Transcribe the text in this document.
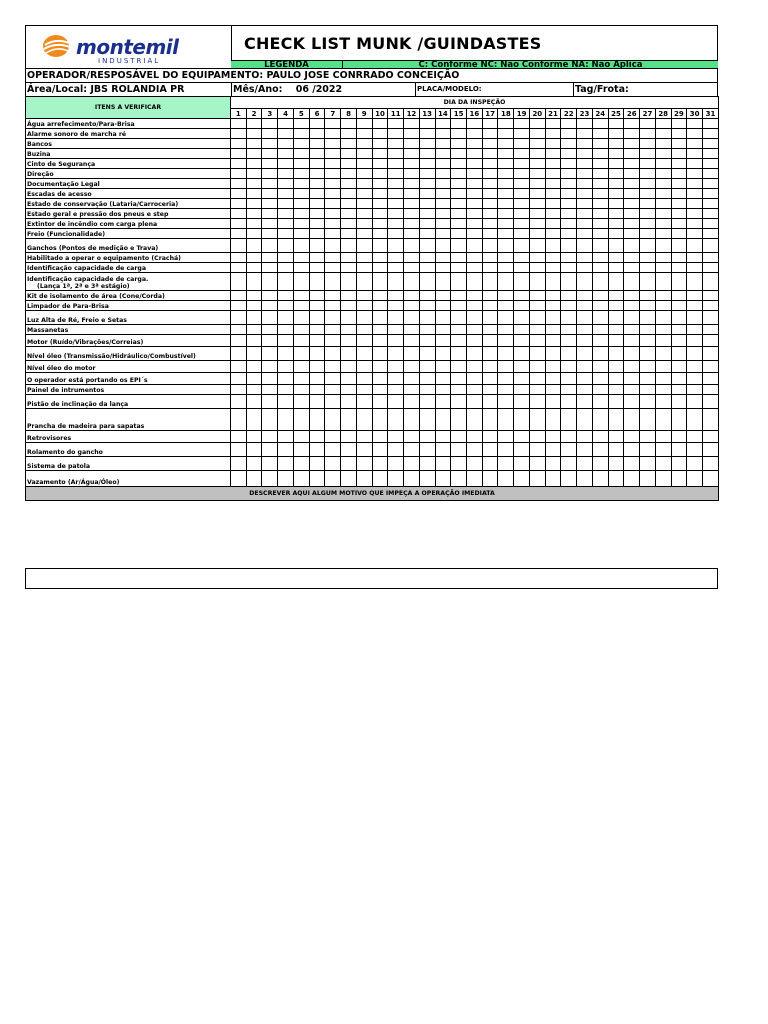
montemil
INDUSTRIAL
CHECK LIST MUNK /GUINDASTES
LEGENDA	C: Conforme NC: Não Conforme NA: Não Aplica
OPERADOR/RESPOSÁVEL DO EQUIPAMENTO: PAULO JOSE CONRRADO CONCEIÇÃO
Área/Local: JBS ROLANDIA PR	Mês/Ano: 06 /2022	PLACA/MODELO:	Tag/Frota:
ITENS A VERIFICAR	DIA DA INSPEÇÃO																														
	1	2	3	4	5	6	7	8	9	10	11	12	13	14	15	16	17	18	19	20	21	22	23	24	25	26	27	28	29	30	31

Água arrefecimento/Para-Brisa																															

Alarme sonoro de marcha ré																															

Bancos																															

Buzina																															

Cinto de Segurança																															

Direção																															

Documentação Legal																															

Escadas de acesso																															

Estado de conservação (Lataria/Carroceria)																															

Estado geral e pressão dos pneus e step																															

Extintor de incêndio com carga plena																															

Freio (Funcionalidade)																															

Ganchos (Pontos de medição e Trava)																															

Habilitado a operar o equipamento (Crachá)																															

Identificação capacidade de carga																															

Identificação capacidade de carga.
(Lança 1ª, 2ª e 3ª estágio)																															

Kit de isolamento de área (Cone/Corda)																															

Limpador de Para-Brisa																															

Luz Alta de Ré, Freio e Setas																															

Massanetas																															

Motor (Ruído/Vibrações/Correias)																															

Nível óleo (Transmissão/Hidráulico/Combustível)																															

Nível óleo do motor																															

O operador está portando os EPI´s																															

Painel de intrumentos																															

Pistão de inclinação da lança																															

Prancha de madeira para sapatas																															

Retrovisores																															

Rolamento do gancho																															

Sistema de patola																															

Vazamento (Ar/Água/Óleo)																															

DESCREVER AQUI ALGUM MOTIVO QUE IMPEÇA A OPERAÇÃO IMEDIATA																															
